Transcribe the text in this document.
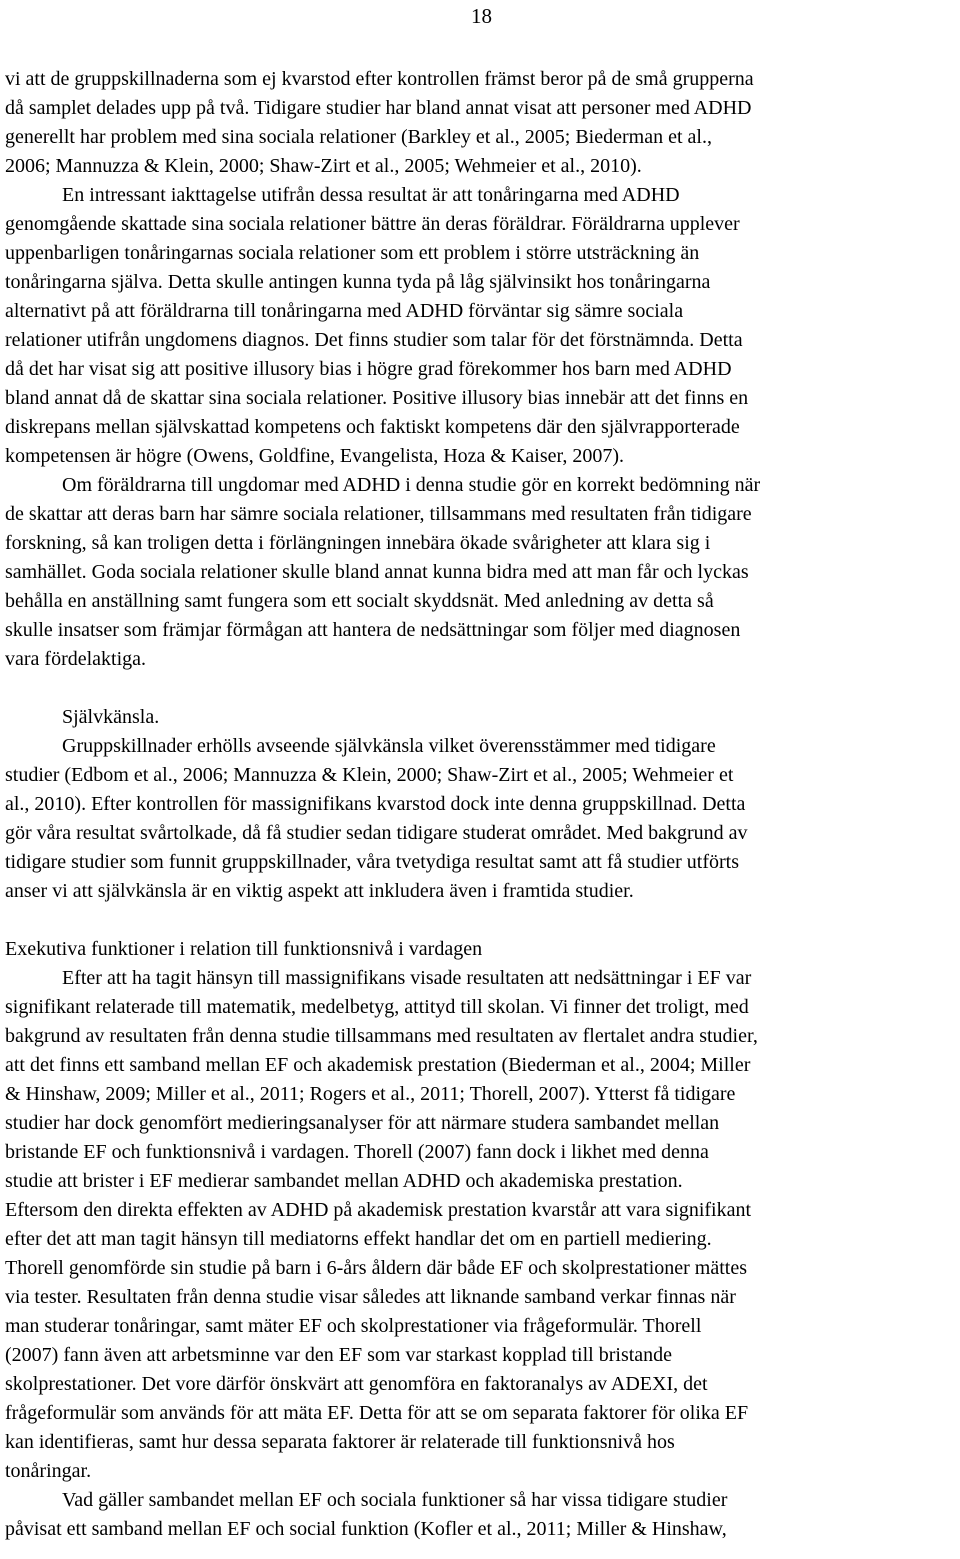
18

vi att de gruppskillnaderna som ej kvarstod efter kontrollen främst beror på de små grupperna

då samplet delades upp på två. Tidigare studier har bland annat visat att personer med ADHD

generellt har problem med sina sociala relationer (Barkley et al., 2005; Biederman et al.,

2006; Mannuzza & Klein, 2000; Shaw-Zirt et al., 2005; Wehmeier et al., 2010).

En intressant iakttagelse utifrån dessa resultat är att tonåringarna med ADHD

genomgående skattade sina sociala relationer bättre än deras föräldrar. Föräldrarna upplever

uppenbarligen tonåringarnas sociala relationer som ett problem i större utsträckning än

tonåringarna själva. Detta skulle antingen kunna tyda på låg självinsikt hos tonåringarna

alternativt på att föräldrarna till tonåringarna med ADHD förväntar sig sämre sociala

relationer utifrån ungdomens diagnos. Det finns studier som talar för det förstnämnda. Detta

då det har visat sig att positive illusory bias i högre grad förekommer hos barn med ADHD

bland annat då de skattar sina sociala relationer. Positive illusory bias innebär att det finns en

diskrepans mellan självskattad kompetens och faktiskt kompetens där den självrapporterade

kompetensen är högre (Owens, Goldfine, Evangelista, Hoza & Kaiser, 2007).

Om föräldrarna till ungdomar med ADHD i denna studie gör en korrekt bedömning när

de skattar att deras barn har sämre sociala relationer, tillsammans med resultaten från tidigare

forskning, så kan troligen detta i förlängningen innebära ökade svårigheter att klara sig i

samhället. Goda sociala relationer skulle bland annat kunna bidra med att man får och lyckas

behålla en anställning samt fungera som ett socialt skyddsnät. Med anledning av detta så

skulle insatser som främjar förmågan att hantera de nedsättningar som följer med diagnosen

vara fördelaktiga.

Självkänsla.

Gruppskillnader erhölls avseende självkänsla vilket överensstämmer med tidigare

studier (Edbom et al., 2006; Mannuzza & Klein, 2000; Shaw-Zirt et al., 2005; Wehmeier et

al., 2010). Efter kontrollen för massignifikans kvarstod dock inte denna gruppskillnad. Detta

gör våra resultat svårtolkade, då få studier sedan tidigare studerat området. Med bakgrund av

tidigare studier som funnit gruppskillnader, våra tvetydiga resultat samt att få studier utförts

anser vi att självkänsla är en viktig aspekt att inkludera även i framtida studier.

Exekutiva funktioner i relation till funktionsnivå i vardagen

Efter att ha tagit hänsyn till massignifikans visade resultaten att nedsättningar i EF var

signifikant relaterade till matematik, medelbetyg, attityd till skolan. Vi finner det troligt, med

bakgrund av resultaten från denna studie tillsammans med resultaten av flertalet andra studier,

att det finns ett samband mellan EF och akademisk prestation (Biederman et al., 2004; Miller

& Hinshaw, 2009; Miller et al., 2011; Rogers et al., 2011; Thorell, 2007). Ytterst få tidigare

studier har dock genomfört medieringsanalyser för att närmare studera sambandet mellan

bristande EF och funktionsnivå i vardagen. Thorell (2007) fann dock i likhet med denna

studie att brister i EF medierar sambandet mellan ADHD och akademiska prestation.

Eftersom den direkta effekten av ADHD på akademisk prestation kvarstår att vara signifikant

efter det att man tagit hänsyn till mediatorns effekt handlar det om en partiell mediering.

Thorell genomförde sin studie på barn i 6-års åldern där både EF och skolprestationer mättes

via tester. Resultaten från denna studie visar således att liknande samband verkar finnas när

man studerar tonåringar, samt mäter EF och skolprestationer via frågeformulär. Thorell

(2007) fann även att arbetsminne var den EF som var starkast kopplad till bristande

skolprestationer. Det vore därför önskvärt att genomföra en faktoranalys av ADEXI, det

frågeformulär som används för att mäta EF. Detta för att se om separata faktorer för olika EF

kan identifieras, samt hur dessa separata faktorer är relaterade till funktionsnivå hos

tonåringar.

Vad gäller sambandet mellan EF och sociala funktioner så har vissa tidigare studier

påvisat ett samband mellan EF och social funktion (Kofler et al., 2011; Miller & Hinshaw,
